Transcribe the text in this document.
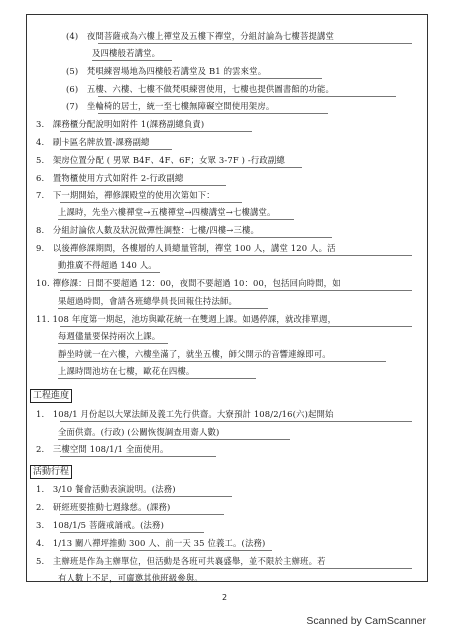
(4)　夜間菩薩戒為六樓上禪堂及五樓下禪堂，分組討論為七樓菩提講堂
及四樓般若講堂。
(5)　梵唄練習場地為四樓般若講堂及 B1 的雲來堂。
(6)　五樓、六樓、七樓不做梵唄練習使用，七樓也提供圖書館的功能。
(7)　坐輪椅的居士，統一至七樓無障礙空間使用架房。
3.　課務櫃分配說明如附件 1(課務副總負責)
4.　刷卡區名牌放置-課務副總
5.　架房位置分配 ( 男眾 B4F、4F、6F；女眾 3-7F ) -行政副總
6.　置物櫃使用方式如附件 2-行政副總
7.　下一期開始，禪修課殿堂的使用次第如下：
上課時，先坐六樓禪堂→五樓禪堂→四樓講堂→七樓講堂。
8.　分組討論依人數及狀況做彈性調整：七樓/四樓→三樓。
9.　以後禪修課期間，各樓層的人員總量管制，禪堂 100 人，講堂 120 人。活
動推廣不得超過 140 人。
10. 禪修課：日間不要超過 12：00，夜間不要超過 10：00，包括回向時間，如
果超過時間，會請各班總學員長回報住持法師。
11. 108 年度第一期起，池坊與歐花統一在雙週上課。如遇停課，就改排單週，
每週儘量要保持兩次上課。
靜坐時就一在六樓，六樓坐滿了，就坐五樓，師父開示的音響連線即可。
上課時間池坊在七樓，歐花在四樓。
工程進度
1.　108/1 月份起以大眾法師及義工先行供齋。大寮預計 108/2/16(六)起開始
全面供齋。(行政) (公關恢復調查用齋人數)
2.　三樓空間 108/1/1 全面使用。
活動行程
1.　3/10 餐會活動表演說明。(法務)
2.　研經班要推動七週緣慈。(課務)
3.　108/1/5 菩薩戒誦戒。(法務)
4.　1/13 關八禪坪推動 300 人、前一天 35 位義工。(法務)
5.　主辦班是作為主辦單位，但活動是各班可共襄盛舉，並不限於主辦班。若
有人數上不足，可廣邀其他班級參與。
2
Scanned by CamScanner
